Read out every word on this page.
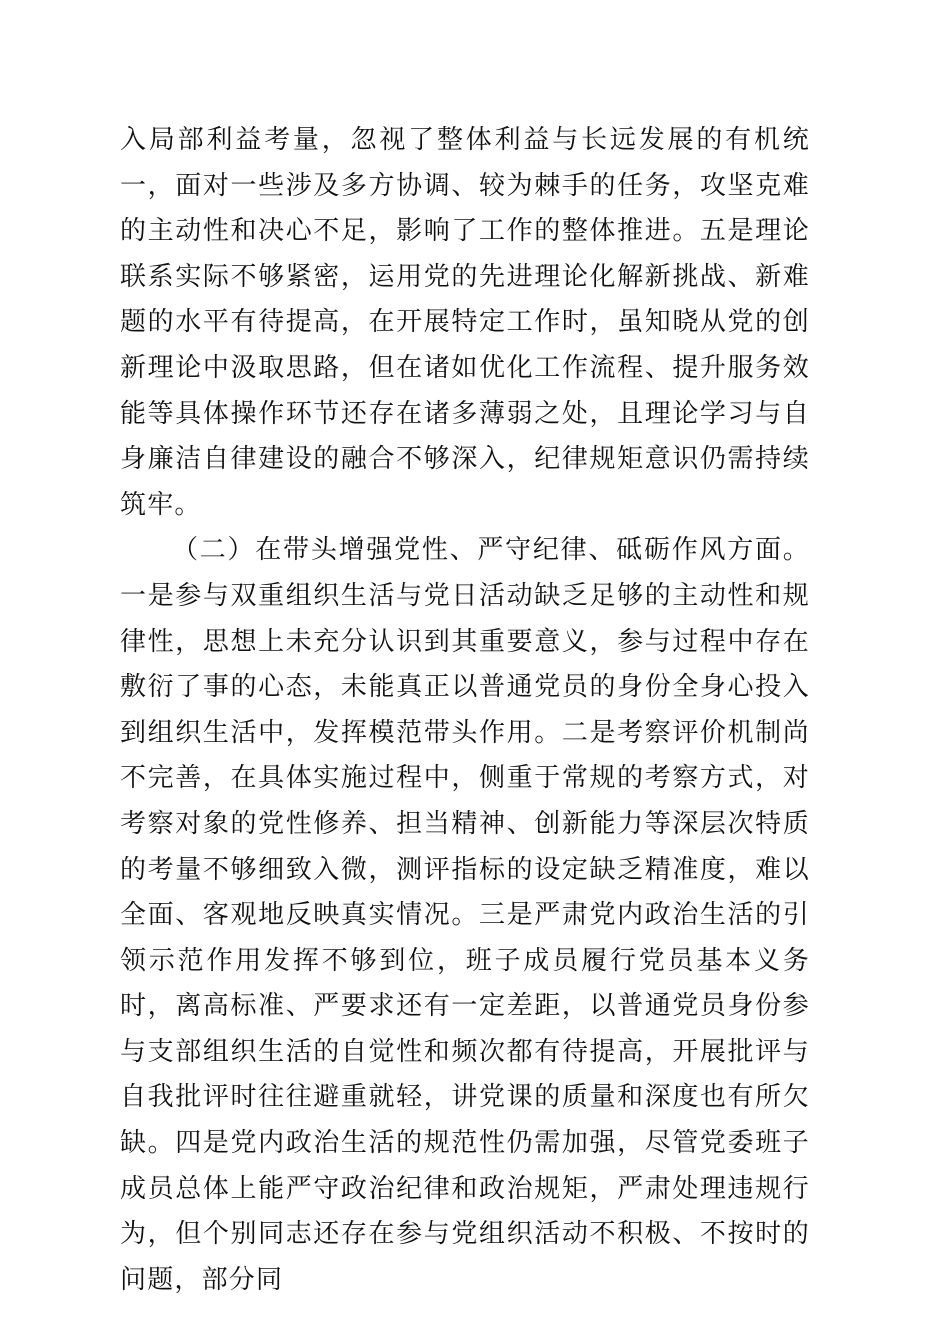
入局部利益考量，忽视了整体利益与长远发展的有机统一，面对一些涉及多方协调、较为棘手的任务，攻坚克难的主动性和决心不足，影响了工作的整体推进。五是理论联系实际不够紧密，运用党的先进理论化解新挑战、新难题的水平有待提高，在开展特定工作时，虽知晓从党的创新理论中汲取思路，但在诸如优化工作流程、提升服务效能等具体操作环节还存在诸多薄弱之处，且理论学习与自身廉洁自律建设的融合不够深入，纪律规矩意识仍需持续筑牢。

（二）在带头增强党性、严守纪律、砥砺作风方面。一是参与双重组织生活与党日活动缺乏足够的主动性和规律性，思想上未充分认识到其重要意义，参与过程中存在敷衍了事的心态，未能真正以普通党员的身份全身心投入到组织生活中，发挥模范带头作用。二是考察评价机制尚不完善，在具体实施过程中，侧重于常规的考察方式，对考察对象的党性修养、担当精神、创新能力等深层次特质的考量不够细致入微，测评指标的设定缺乏精准度，难以全面、客观地反映真实情况。三是严肃党内政治生活的引领示范作用发挥不够到位，班子成员履行党员基本义务时，离高标准、严要求还有一定差距，以普通党员身份参与支部组织生活的自觉性和频次都有待提高，开展批评与自我批评时往往避重就轻，讲党课的质量和深度也有所欠缺。四是党内政治生活的规范性仍需加强，尽管党委班子成员总体上能严守政治纪律和政治规矩，严肃处理违规行为，但个别同志还存在参与党组织活动不积极、不按时的问题，部分同
